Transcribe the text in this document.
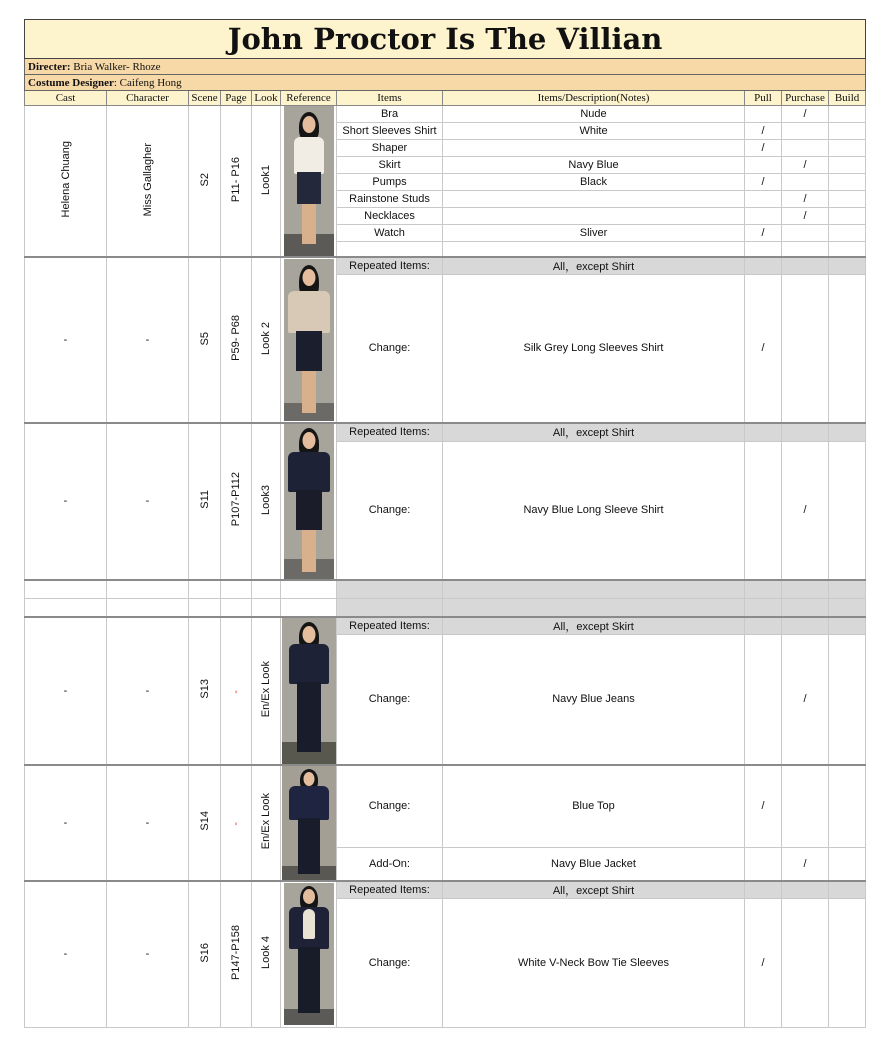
John Proctor Is The Villian										
Directer: Bria Walker- Rhoze										
Costume Designer: Caifeng Hong										
Cast	Character	Scene	Page	Look	Reference	Items	Items/Description(Notes)	Pull	Purchase	Build
Helena Chuang	Miss Gallagher	S2	P11- P16	Look1		Bra	Nude		/	
						Short Sleeves Shirt	White	/		
						Shaper		/		
						Skirt	Navy Blue		/	
						Pumps	Black	/		
						Rainstone Studs			/	
						Necklaces			/	
						Watch	Sliver	/		

-	-	S5	P59- P68	Look 2		Repeated Items:	All，except Shirt			
						Change:	Silk Grey Long Sleeves Shirt	/		
-	-	S11	P107-P112	Look3		Repeated Items:	All，except Shirt			
						Change:	Navy Blue Long Sleeve Shirt		/	

-	-	S13	-	En/Ex Look		Repeated Items:	All，except Skirt			
						Change:	Navy Blue Jeans		/	
-	-	S14	-	En/Ex Look		Change:	Blue Top	/		
						Add-On:	Navy Blue Jacket		/	
-	-	S16	P147-P158	Look 4		Repeated Items:	All，except Shirt			
						Change:	White V-Neck Bow Tie Sleeves	/		
